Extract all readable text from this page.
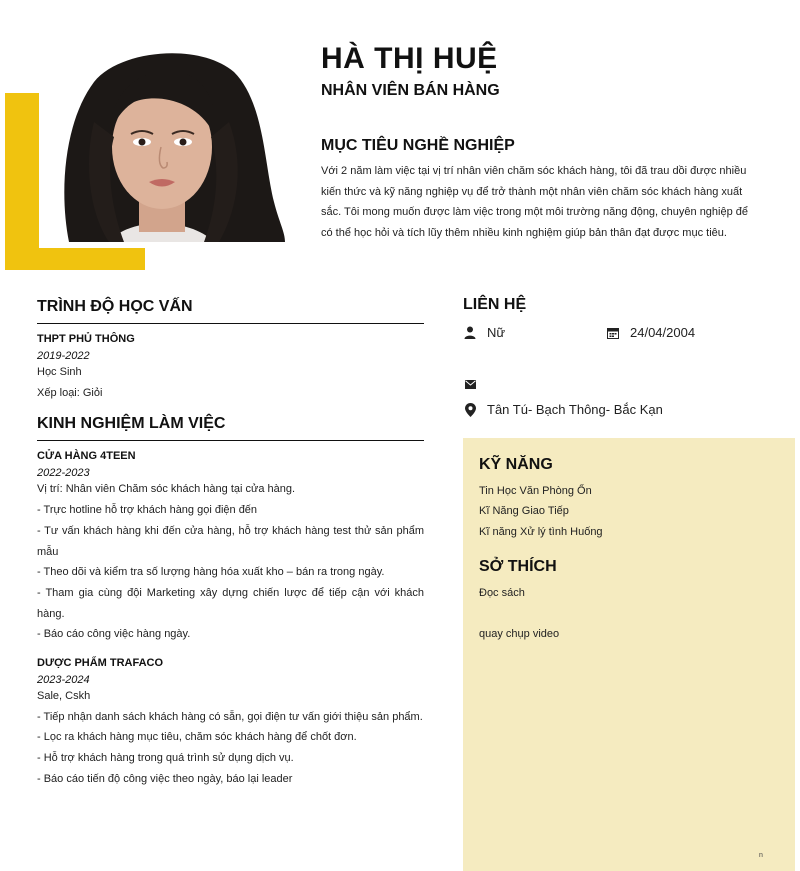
HÀ THỊ HUỆ
NHÂN VIÊN BÁN HÀNG
MỤC TIÊU NGHỀ NGHIỆP
Với 2 năm làm việc tại vị trí nhân viên chăm sóc khách hàng, tôi đã trau dồi được nhiều kiến thức và kỹ năng nghiệp vụ để trở thành một nhân viên chăm sóc khách hàng xuất sắc. Tôi mong muốn được làm việc trong một môi trường năng động, chuyên nghiệp để có thể học hỏi và tích lũy thêm nhiều kinh nghiệm giúp bản thân đạt được mục tiêu.
TRÌNH ĐỘ HỌC VẤN
THPT PHỦ THÔNG
2019-2022
Học Sinh
Xếp loại: Giỏi
KINH NGHIỆM LÀM VIỆC
CỬA HÀNG 4TEEN
2022-2023
Vị trí: Nhân viên Chăm sóc khách hàng tại cửa hàng.
- Trực hotline hỗ trợ khách hàng gọi điện đến
- Tư vấn khách hàng khi đến cửa hàng, hỗ trợ khách hàng test thử sản phẩm mẫu
- Theo dõi và kiểm tra số lượng hàng hóa xuất kho – bán ra trong ngày.
- Tham gia cùng đội Marketing xây dựng chiến lược để tiếp cận với khách hàng.
- Báo cáo công việc hàng ngày.
DƯỢC PHẨM TRAFACO
2023-2024
Sale, Cskh
- Tiếp nhận danh sách khách hàng có sẵn, gọi điện tư vấn giới thiệu sản phẩm.
- Lọc ra khách hàng mục tiêu, chăm sóc khách hàng để chốt đơn.
- Hỗ trợ khách hàng trong quá trình sử dụng dịch vụ.
- Báo cáo tiến độ công việc theo ngày, báo lại leader
LIÊN HỆ
Nữ	24/04/2004
Tân Tú- Bạch Thông- Bắc Kạn
KỸ NĂNG
Tin Học Văn Phòng Ổn
Kĩ Năng Giao Tiếp
Kĩ năng Xử lý tình Huống
SỞ THÍCH
Đọc sách
quay chụp video
n
